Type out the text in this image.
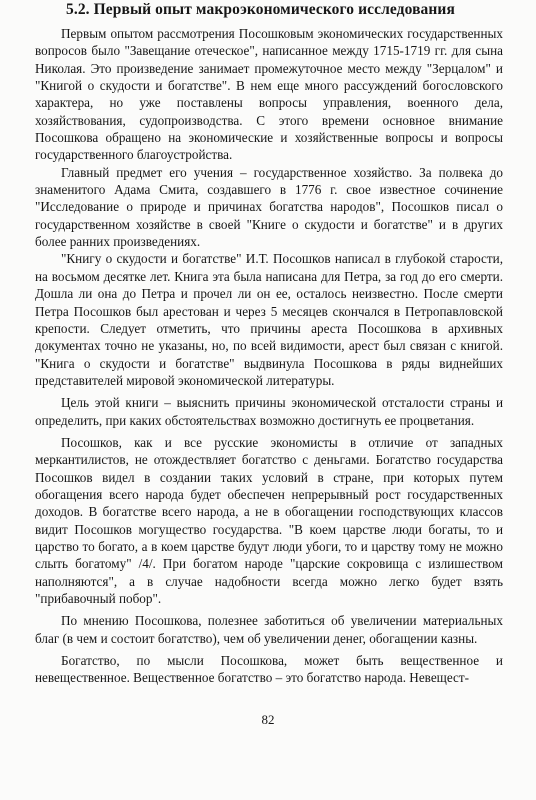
5.2. Первый опыт макроэкономического исследования

Первым опытом рассмотрения Посошковым экономических государственных вопросов было "Завещание отеческое", написанное между 1715-1719 гг. для сына Николая. Это произведение занимает промежуточное место между "Зерцалом" и "Книгой о скудости и богатстве". В нем еще много рассуждений богословского характера, но уже поставлены вопросы управления, военного дела, хозяйствования, судопроизводства. С этого времени основное внимание Посошкова обращено на экономические и хозяйственные вопросы и вопросы государственного благоустройства.

Главный предмет его учения – государственное хозяйство. За полвека до знаменитого Адама Смита, создавшего в 1776 г. свое известное сочинение "Исследование о природе и причинах богатства народов", Посошков писал о государственном хозяйстве в своей "Книге о скудости и богатстве" и в других более ранних произведениях.

"Книгу о скудости и богатстве" И.Т. Посошков написал в глубокой старости, на восьмом десятке лет. Книга эта была написана для Петра, за год до его смерти. Дошла ли она до Петра и прочел ли он ее, осталось неизвестно. После смерти Петра Посошков был арестован и через 5 месяцев скончался в Петропавловской крепости. Следует отметить, что причины ареста Посошкова в архивных документах точно не указаны, но, по всей видимости, арест был связан с книгой. "Книга о скудости и богатстве" выдвинула Посошкова в ряды виднейших представителей мировой экономической литературы.

Цель этой книги – выяснить причины экономической отсталости страны и определить, при каких обстоятельствах возможно достигнуть ее процветания.

Посошков, как и все русские экономисты в отличие от западных меркантилистов, не отождествляет богатство с деньгами. Богатство государства Посошков видел в создании таких условий в стране, при которых путем обогащения всего народа будет обеспечен непрерывный рост государственных доходов. В богатстве всего народа, а не в обогащении господствующих классов видит Посошков могущество государства. "В коем царстве люди богаты, то и царство то богато, а в коем царстве будут люди убоги, то и царству тому не можно слыть богатому" /4/. При богатом народе "царские сокровища с излишеством наполняются", а в случае надобности всегда можно легко будет взять "прибавочный побор".

По мнению Посошкова, полезнее заботиться об увеличении материальных благ (в чем и состоит богатство), чем об увеличении денег, обогащении казны.

Богатство, по мысли Посошкова, может быть вещественное и невещественное. Вещественное богатство – это богатство народа. Невещест-

82
